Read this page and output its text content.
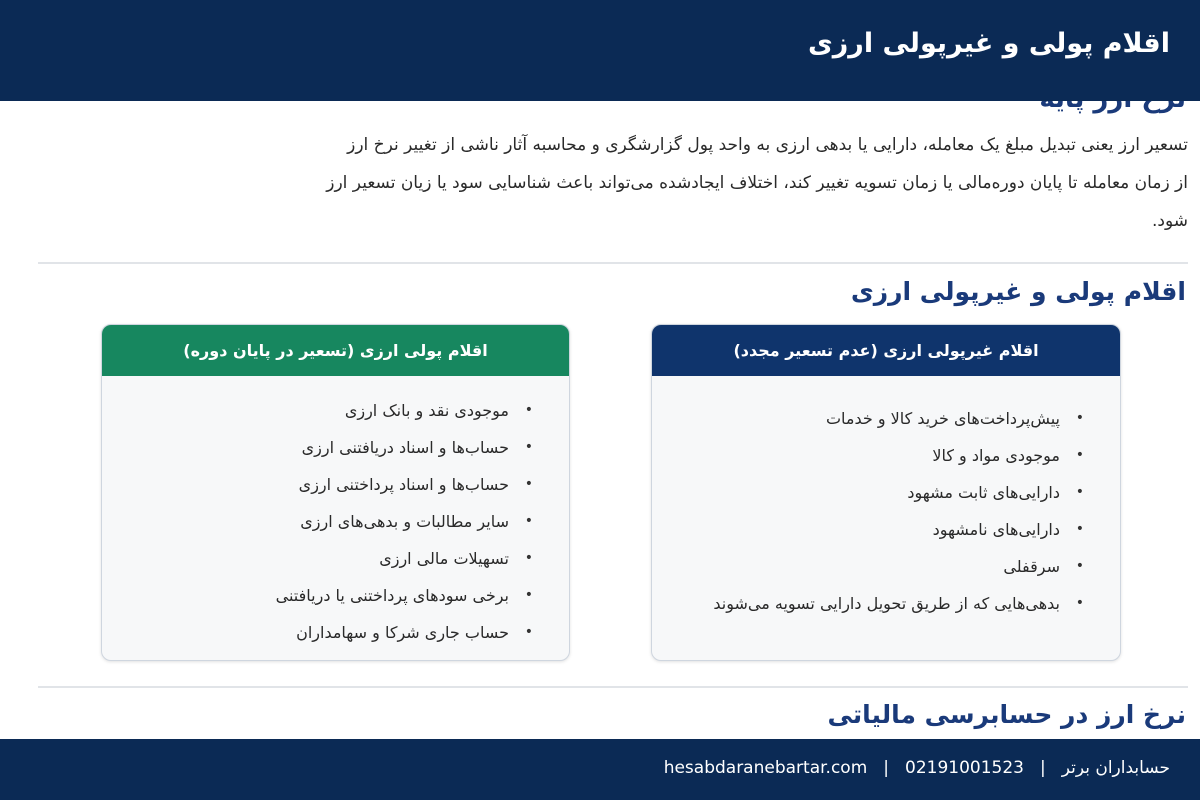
اقلام پولی و غیرپولی ارزی
تسعیر ارز یعنی تبدیل مبلغ یک معامله، دارایی یا بدهی ارزی به واحد پول گزارشگری و محاسبه آثار ناشی از تغییر نرخ ارز
از زمان معامله تا پایان دوره‌مالی یا زمان تسویه تغییر کند، اختلاف ایجادشده می‌تواند باعث شناسایی سود یا زیان تسعیر ارز
شود.
اقلام پولی و غیرپولی ارزی
اقلام پولی ارزی (تسعیر در پایان دوره)
• موجودی نقد و بانک ارزی
• حساب‌ها و اسناد دریافتنی ارزی
• حساب‌ها و اسناد پرداختنی ارزی
• سایر مطالبات و بدهی‌های ارزی
• تسهیلات مالی ارزی
• برخی سودهای پرداختنی یا دریافتنی
• حساب جاری شرکا و سهامداران
اقلام غیرپولی ارزی (عدم تسعیر مجدد)
• پیش‌پرداخت‌های خرید کالا و خدمات
• موجودی مواد و کالا
• دارایی‌های ثابت مشهود
• دارایی‌های نامشهود
• سرقفلی
• بدهی‌هایی که از طریق تحویل دارایی تسویه می‌شوند
نرخ ارز در حسابرسی مالیاتی
حسابداران برتر|02191001523|hesabdaranebartar.com
